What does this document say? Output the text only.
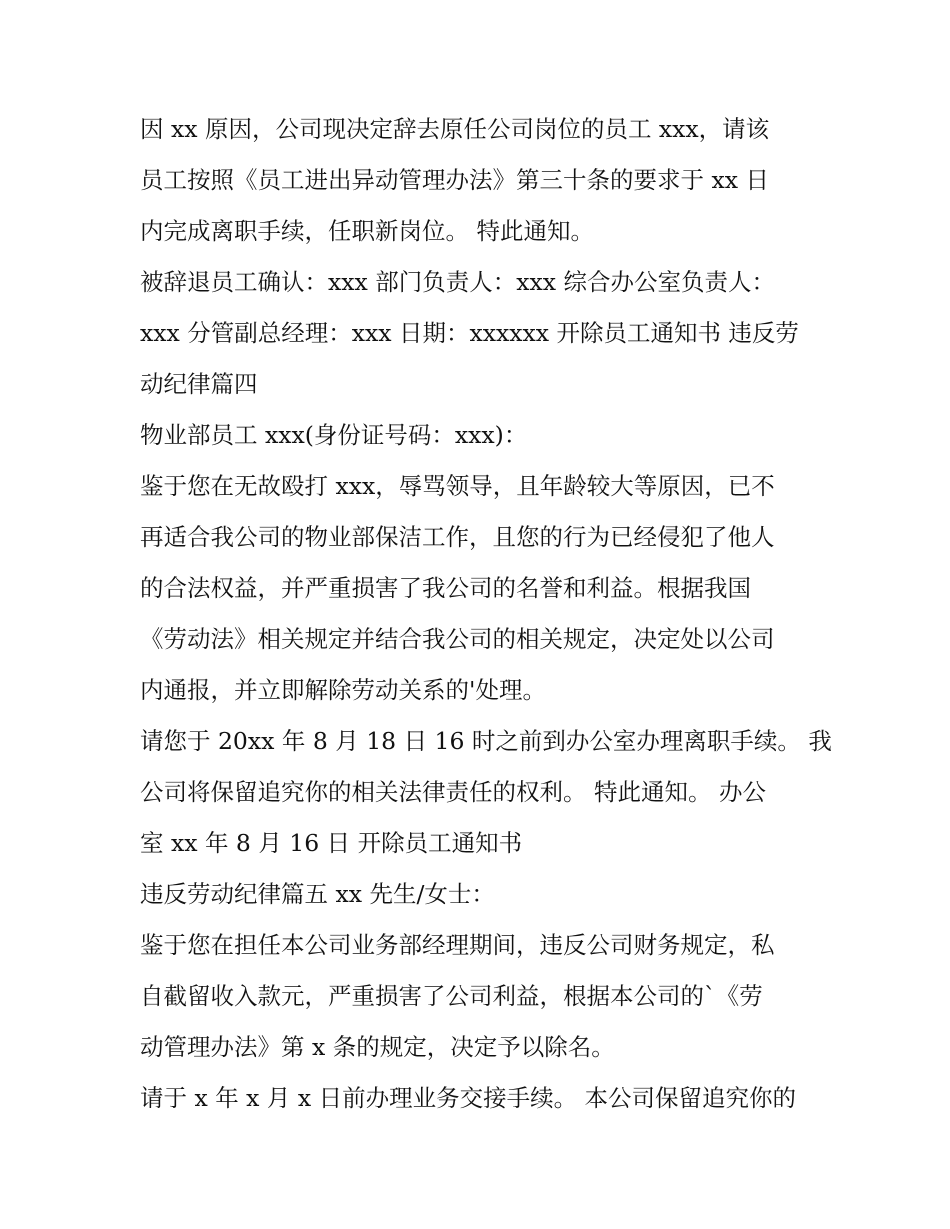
因 xx 原因，公司现决定辞去原任公司岗位的员工 xxx，请该
员工按照《员工进出异动管理办法》第三十条的要求于 xx 日
内完成离职手续，任职新岗位。 特此通知。
被辞退员工确认：xxx 部门负责人：xxx 综合办公室负责人：
xxx 分管副总经理：xxx 日期：xxxxxx 开除员工通知书 违反劳
动纪律篇四
物业部员工 xxx(身份证号码：xxx)：
鉴于您在无故殴打 xxx，辱骂领导，且年龄较大等原因，已不
再适合我公司的物业部保洁工作，且您的行为已经侵犯了他人
的合法权益，并严重损害了我公司的名誉和利益。根据我国
《劳动法》相关规定并结合我公司的相关规定，决定处以公司
内通报，并立即解除劳动关系的'处理。
请您于 20xx 年 8 月 18 日 16 时之前到办公室办理离职手续。 我
公司将保留追究你的相关法律责任的权利。 特此通知。 办公
室 xx 年 8 月 16 日 开除员工通知书
违反劳动纪律篇五 xx 先生/女士：
鉴于您在担任本公司业务部经理期间，违反公司财务规定，私
自截留收入款元，严重损害了公司利益，根据本公司的`《劳
动管理办法》第 x 条的规定，决定予以除名。
请于 x 年 x 月 x 日前办理业务交接手续。 本公司保留追究你的
